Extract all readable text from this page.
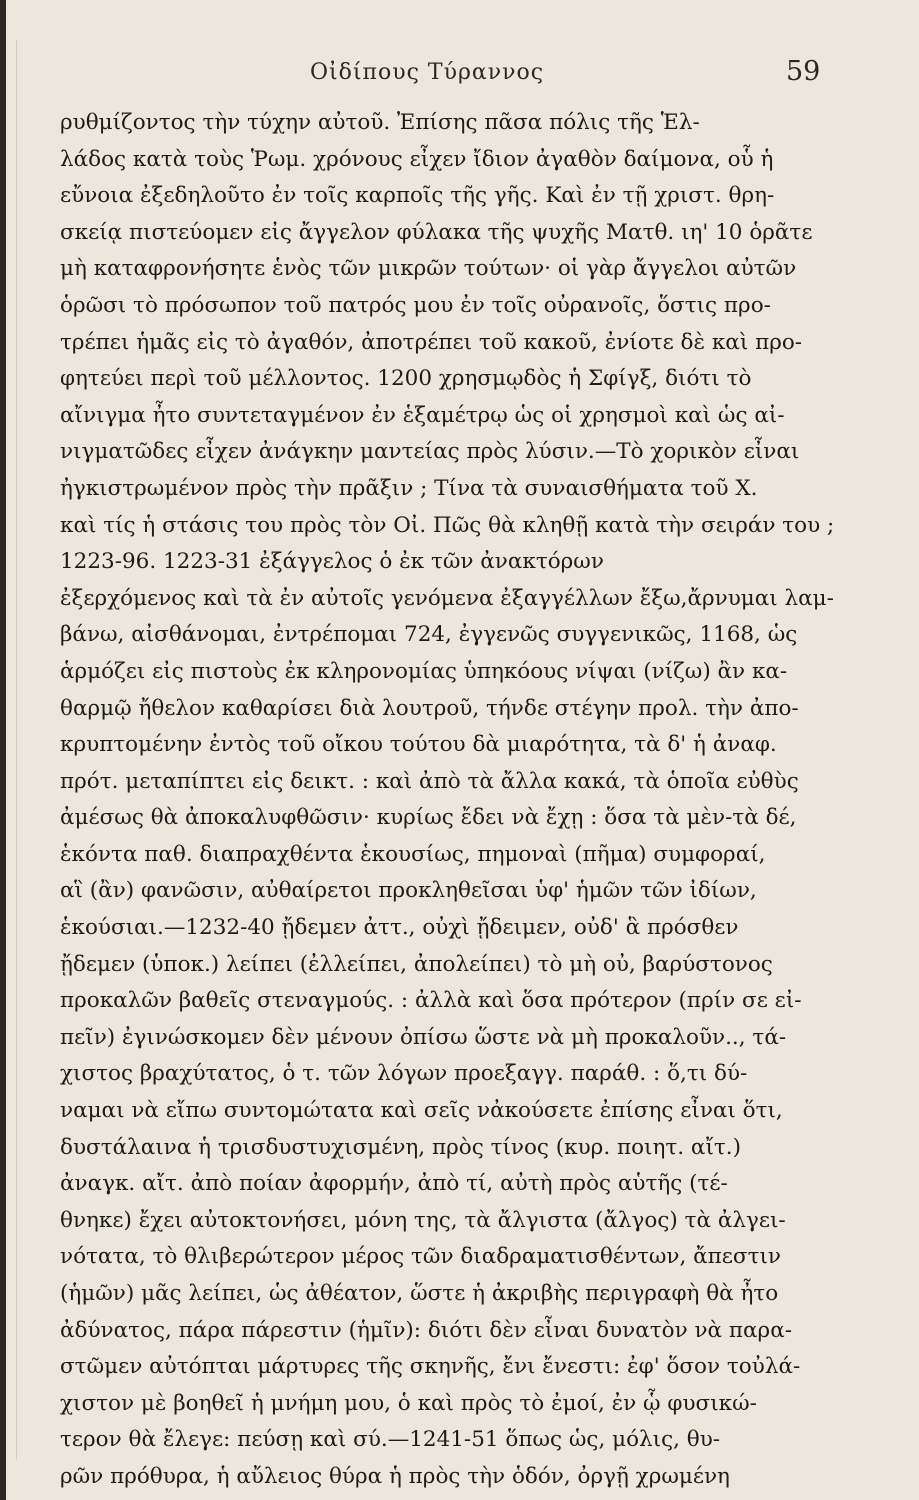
Οἰδίπους Τύραννος	59
ρυθμίζοντος τὴν τύχην αὐτοῦ. Ἐπίσης πᾶσα πόλις τῆς Ἑλ-
λάδος κατὰ τοὺς Ῥωμ. χρόνους εἶχεν ἴδιον ἀγαθὸν δαίμονα, οὗ ἡ
εὔνοια ἐξεδηλοῦτο ἐν τοῖς καρποῖς τῆς γῆς. Καὶ ἐν τῇ χριστ. θρη-
σκείᾳ πιστεύομεν εἰς ἄγγελον φύλακα τῆς ψυχῆς Ματθ. ιη' 10 ὁρᾶτε
μὴ καταφρονήσητε ἑνὸς τῶν μικρῶν τούτων· οἱ γὰρ ἄγγελοι αὐτῶν
ὁρῶσι τὸ πρόσωπον τοῦ πατρός μου ἐν τοῖς οὐρανοῖς, ὅστις προ-
τρέπει ἡμᾶς εἰς τὸ ἀγαθόν, ἀποτρέπει τοῦ κακοῦ, ἐνίοτε δὲ καὶ προ-
φητεύει περὶ τοῦ μέλλοντος. 1200 χρησμῳδὸς ἡ Σφίγξ, διότι τὸ
αἴνιγμα ἦτο συντεταγμένον ἐν ἑξαμέτρῳ ὡς οἱ χρησμοὶ καὶ ὡς αἰ-
νιγματῶδες εἶχεν ἀνάγκην μαντείας πρὸς λύσιν.—Τὸ χορικὸν εἶναι
ἠγκιστρωμένον πρὸς τὴν πρᾶξιν ; Τίνα τὰ συναισθήματα τοῦ Χ.
καὶ τίς ἡ στάσις του πρὸς τὸν Οἰ. Πῶς θὰ κληθῇ κατὰ τὴν σειράν του ;
1223-96. 1223-31 ἐξάγγελος ὁ ἐκ τῶν ἀνακτόρων
ἐξερχόμενος καὶ τὰ ἐν αὐτοῖς γενόμενα ἐξαγγέλλων ἔξω,ἄρνυμαι λαμ-
βάνω, αἰσθάνομαι, ἐντρέπομαι 724, ἐγγενῶς συγγενικῶς, 1168, ὡς
ἁρμόζει εἰς πιστοὺς ἐκ κληρονομίας ὑπηκόους νίψαι (νίζω) ἂν κα-
θαρμῷ ἤθελον καθαρίσει διὰ λουτροῦ, τήνδε στέγην προλ. τὴν ἀπο-
κρυπτομένην ἐντὸς τοῦ οἴκου τούτου δὰ μιαρότητα, τὰ δ' ἡ ἀναφ.
πρότ. μεταπίπτει εἰς δεικτ. : καὶ ἀπὸ τὰ ἄλλα κακά, τὰ ὁποῖα εὐθὺς
ἀμέσως θὰ ἀποκαλυφθῶσιν· κυρίως ἔδει νὰ ἔχῃ : ὅσα τὰ μὲν-τὰ δέ,
ἑκόντα παθ. διαπραχθέντα ἑκουσίως, πημοναὶ (πῆμα) συμφοραί,
αἳ (ἂν) φανῶσιν, αὐθαίρετοι προκληθεῖσαι ὑφ' ἡμῶν τῶν ἰδίων,
ἑκούσιαι.—1232-40 ᾔδεμεν ἀττ., οὐχὶ ᾔδειμεν, οὐδ' ἃ πρόσθεν
ᾔδεμεν (ὑποκ.) λείπει (ἐλλείπει, ἀπολείπει) τὸ μὴ οὐ, βαρύστονος
προκαλῶν βαθεῖς στεναγμούς. : ἀλλὰ καὶ ὅσα πρότερον (πρίν σε εἰ-
πεῖν) ἐγινώσκομεν δὲν μένουν ὀπίσω ὥστε νὰ μὴ προκαλοῦν.., τά-
χιστος βραχύτατος, ὁ τ. τῶν λόγων προεξαγγ. παράθ. : ὅ,τι δύ-
ναμαι νὰ εἴπω συντομώτατα καὶ σεῖς νἀκούσετε ἐπίσης εἶναι ὅτι,
δυστάλαινα ἡ τρισδυστυχισμένη, πρὸς τίνος (κυρ. ποιητ. αἴτ.)
ἀναγκ. αἴτ. ἀπὸ ποίαν ἀφορμήν, ἀπὸ τί, αὐτὴ πρὸς αὑτῆς (τέ-
θνηκε) ἔχει αὐτοκτονήσει, μόνη της, τὰ ἄλγιστα (ἄλγος) τὰ ἀλγει-
νότατα, τὸ θλιβερώτερον μέρος τῶν διαδραματισθέντων, ἄπεστιν
(ἡμῶν) μᾶς λείπει, ὡς ἀθέατον, ὥστε ἡ ἀκριβὴς περιγραφὴ θὰ ἦτο
ἀδύνατος, πάρα πάρεστιν (ἡμῖν): διότι δὲν εἶναι δυνατὸν νὰ παρα-
στῶμεν αὐτόπται μάρτυρες τῆς σκηνῆς, ἔνι ἔνεστι: ἐφ' ὅσον τοὐλά-
χιστον μὲ βοηθεῖ ἡ μνήμη μου, ὁ καὶ πρὸς τὸ ἐμοί, ἐν ᾧ φυσικώ-
τερον θὰ ἔλεγε: πεύσῃ καὶ σύ.—1241-51 ὅπως ὡς, μόλις, θυ-
ρῶν πρόθυρα, ἡ αὔλειος θύρα ἡ πρὸς τὴν ὁδόν, ὀργῇ χρωμένη
